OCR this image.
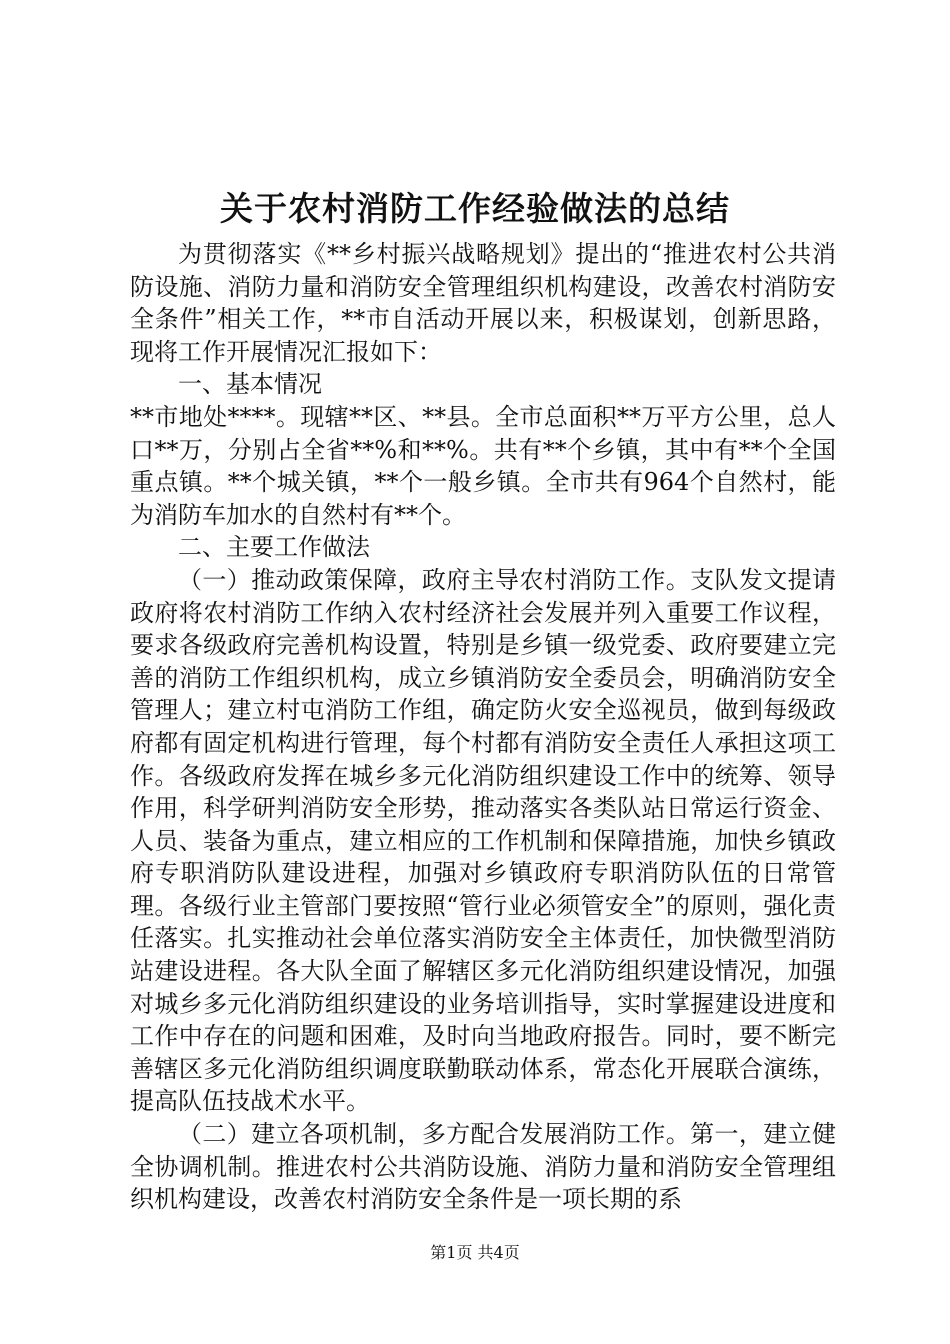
关于农村消防工作经验做法的总结

为贯彻落实《**乡村振兴战略规划》提出的“推进农村公共消防设施、消防力量和消防安全管理组织机构建设，改善农村消防安全条件”相关工作，**市自活动开展以来，积极谋划，创新思路，现将工作开展情况汇报如下：

一、基本情况

**市地处****。现辖**区、**县。全市总面积**万平方公里，总人口**万，分别占全省**%和**%。共有**个乡镇，其中有**个全国重点镇。**个城关镇，**个一般乡镇。全市共有964个自然村，能为消防车加水的自然村有**个。

二、主要工作做法

（一）推动政策保障，政府主导农村消防工作。支队发文提请政府将农村消防工作纳入农村经济社会发展并列入重要工作议程，要求各级政府完善机构设置，特别是乡镇一级党委、政府要建立完善的消防工作组织机构，成立乡镇消防安全委员会，明确消防安全管理人；建立村屯消防工作组，确定防火安全巡视员，做到每级政府都有固定机构进行管理，每个村都有消防安全责任人承担这项工作。各级政府发挥在城乡多元化消防组织建设工作中的统筹、领导作用，科学研判消防安全形势，推动落实各类队站日常运行资金、人员、装备为重点，建立相应的工作机制和保障措施，加快乡镇政府专职消防队建设进程，加强对乡镇政府专职消防队伍的日常管理。各级行业主管部门要按照“管行业必须管安全”的原则，强化责任落实。扎实推动社会单位落实消防安全主体责任，加快微型消防站建设进程。各大队全面了解辖区多元化消防组织建设情况，加强对城乡多元化消防组织建设的业务培训指导，实时掌握建设进度和工作中存在的问题和困难，及时向当地政府报告。同时，要不断完善辖区多元化消防组织调度联勤联动体系，常态化开展联合演练，提高队伍技战术水平。

（二）建立各项机制，多方配合发展消防工作。第一，建立健全协调机制。推进农村公共消防设施、消防力量和消防安全管理组织机构建设，改善农村消防安全条件是一项长期的系

第1页 共4页
